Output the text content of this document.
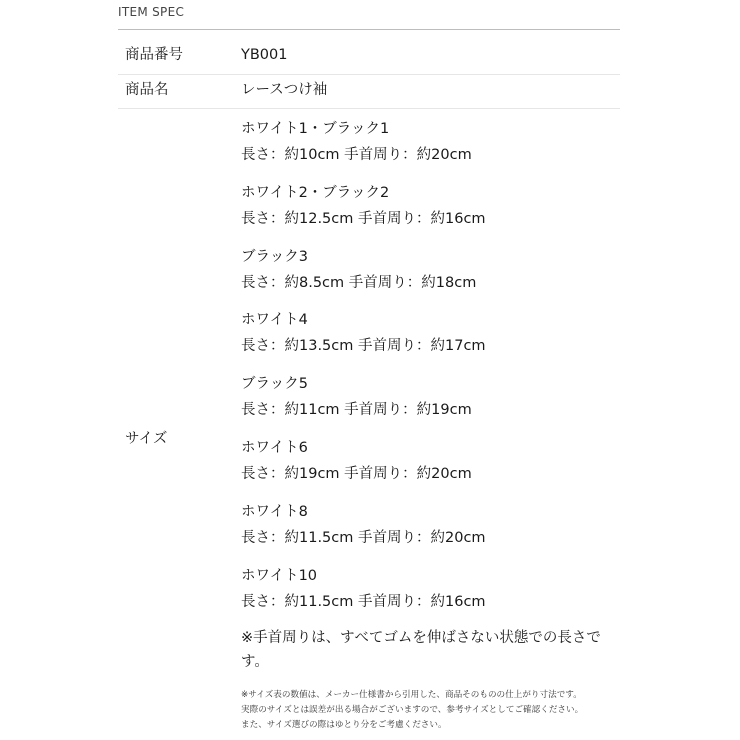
ITEM SPEC
商品番号	YB001
商品名	レースつけ袖
サイズ
ホワイト1・ブラック1
長さ：約10cm 手首周り：約20cm
ホワイト2・ブラック2
長さ：約12.5cm 手首周り：約16cm
ブラック3
長さ：約8.5cm 手首周り：約18cm
ホワイト4
長さ：約13.5cm 手首周り：約17cm
ブラック5
長さ：約11cm 手首周り：約19cm
ホワイト6
長さ：約19cm 手首周り：約20cm
ホワイト8
長さ：約11.5cm 手首周り：約20cm
ホワイト10
長さ：約11.5cm 手首周り：約16cm
※手首周りは、すべてゴムを伸ばさない状態での長さです。
※サイズ表の数値は、メーカー仕様書から引用した、商品そのものの仕上がり寸法です。
実際のサイズとは誤差が出る場合がございますので、参考サイズとしてご確認ください。
また、サイズ選びの際はゆとり分をご考慮ください。
